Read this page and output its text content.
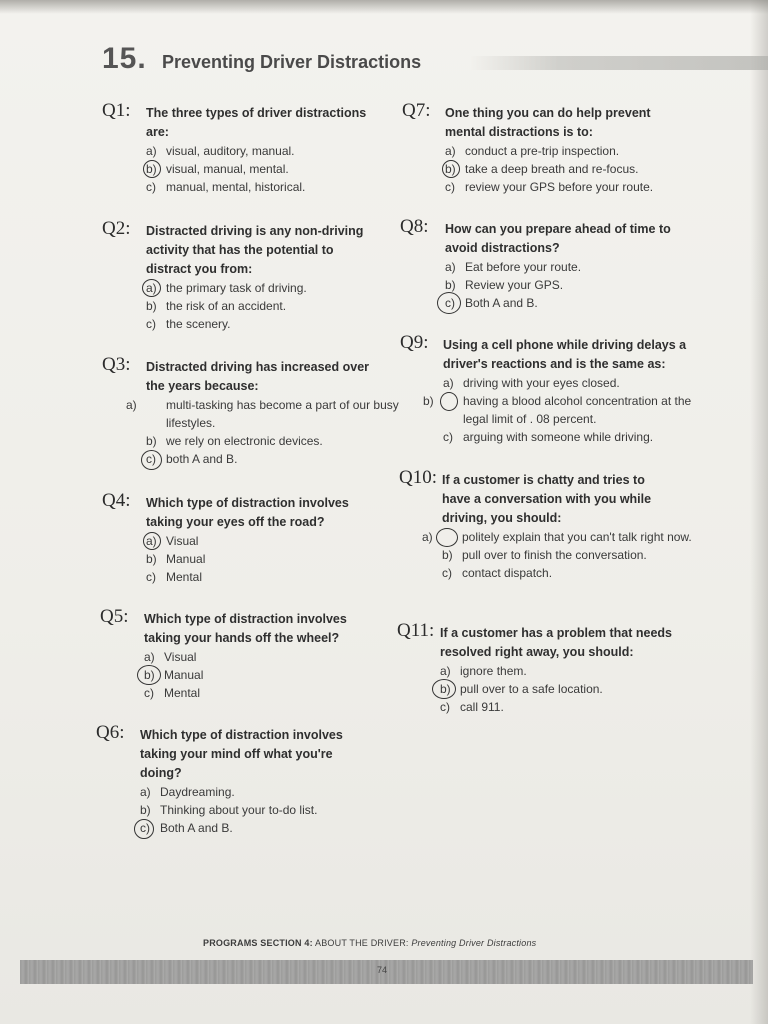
15. Preventing Driver Distractions
Q1: The three types of driver distractions are:
a) visual, auditory, manual.
b) visual, manual, mental.
c) manual, mental, historical.
Q2: Distracted driving is any non-driving activity that has the potential to distract you from:
a) the primary task of driving.
b) the risk of an accident.
c) the scenery.
Q3: Distracted driving has increased over the years because:
a) multi-tasking has become a part of our busy lifestyles.
b) we rely on electronic devices.
c) both A and B.
Q4: Which type of distraction involves taking your eyes off the road?
a) Visual
b) Manual
c) Mental
Q5: Which type of distraction involves taking your hands off the wheel?
a) Visual
b) Manual
c) Mental
Q6: Which type of distraction involves taking your mind off what you're doing?
a) Daydreaming.
b) Thinking about your to-do list.
c) Both A and B.
Q7: One thing you can do help prevent mental distractions is to:
a) conduct a pre-trip inspection.
b) take a deep breath and re-focus.
c) review your GPS before your route.
Q8: How can you prepare ahead of time to avoid distractions?
a) Eat before your route.
b) Review your GPS.
c) Both A and B.
Q9: Using a cell phone while driving delays a driver's reactions and is the same as:
a) driving with your eyes closed.
b) having a blood alcohol concentration at the legal limit of . 08 percent.
c) arguing with someone while driving.
Q10: If a customer is chatty and tries to have a conversation with you while driving, you should:
a) politely explain that you can't talk right now.
b) pull over to finish the conversation.
c) contact dispatch.
Q11: If a customer has a problem that needs resolved right away, you should:
a) ignore them.
b) pull over to a safe location.
c) call 911.
PROGRAMS SECTION 4: ABOUT THE DRIVER: Preventing Driver Distractions
74
